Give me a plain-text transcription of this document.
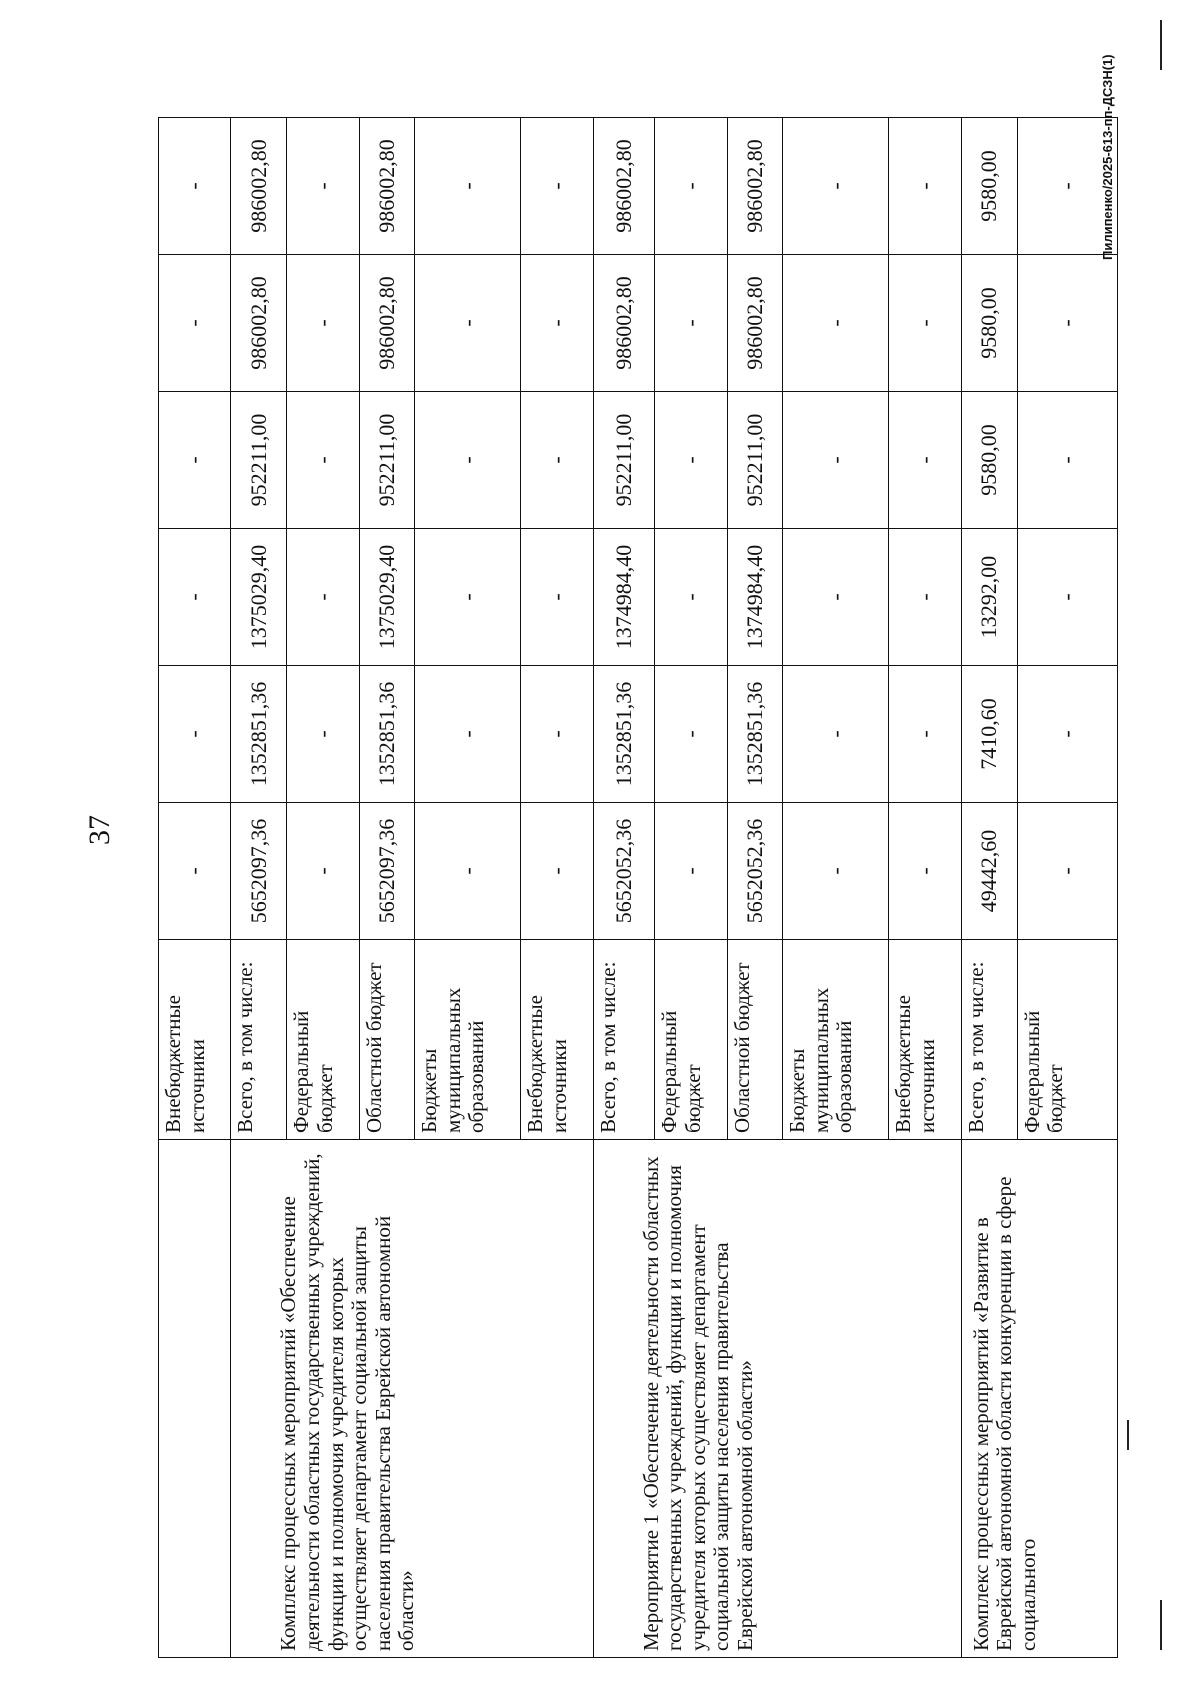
37
	Внебюджетные источники	-	-	-	-	-	-
Комплекс процессных мероприятий «Обеспечение деятельности областных государственных учреждений, функции и полномочия учредителя которых осуществляет департамент социальной защиты населения правительства Еврейской автономной области»	Всего, в том числе:	5652097,36	1352851,36	1375029,40	952211,00	986002,80	986002,80
	Федеральный бюджет	-	-	-	-	-	-
	Областной бюджет	5652097,36	1352851,36	1375029,40	952211,00	986002,80	986002,80
	Бюджеты муниципальных образований	-	-	-	-	-	-
	Внебюджетные источники	-	-	-	-	-	-
Мероприятие 1 «Обеспечение деятельности областных государственных учреждений, функции и полномочия учредителя которых осуществляет департамент социальной защиты населения правительства Еврейской автономной области»	Всего, в том числе:	5652052,36	1352851,36	1374984,40	952211,00	986002,80	986002,80
	Федеральный бюджет	-	-	-	-	-	-
	Областной бюджет	5652052,36	1352851,36	1374984,40	952211,00	986002,80	986002,80
	Бюджеты муниципальных образований	-	-	-	-	-	-
	Внебюджетные источники	-	-	-	-	-	-
Комплекс процессных мероприятий «Развитие в Еврейской автономной области конкуренции в сфере социального	Всего, в том числе:	49442,60	7410,60	13292,00	9580,00	9580,00	9580,00
	Федеральный бюджет	-	-	-	-	-	- Пилипенко/2025-613-пп-ДСЗН(1)
